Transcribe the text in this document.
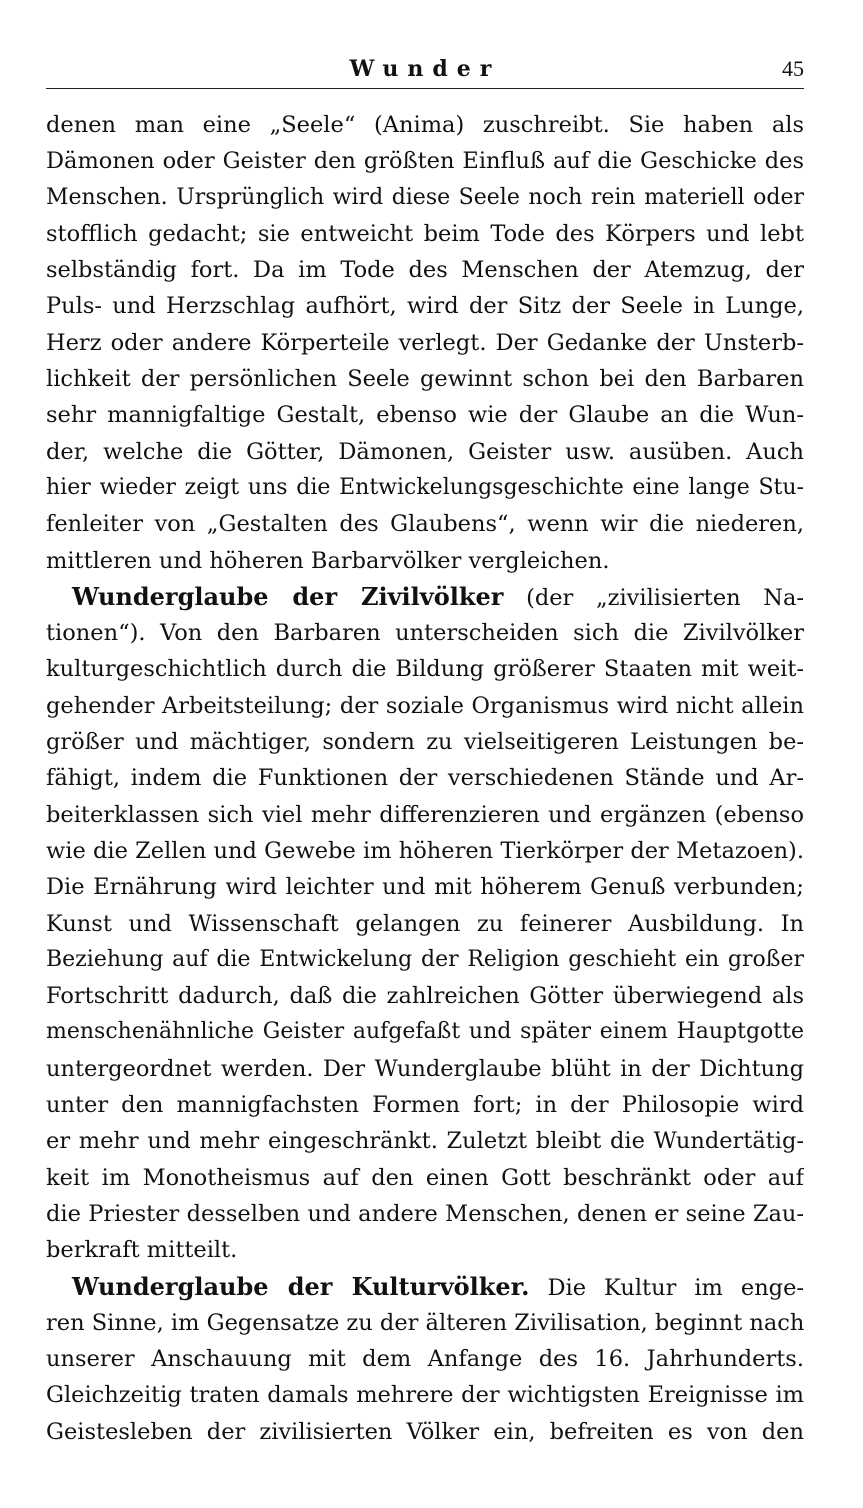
Wunder	45
denen man eine „Seele“ (Anima) zuschreibt. Sie haben als
Dämonen oder Geister den größten Einfluß auf die Geschicke des
Menschen. Ursprünglich wird diese Seele noch rein materiell oder
stofflich gedacht; sie entweicht beim Tode des Körpers und lebt
selbständig fort. Da im Tode des Menschen der Atemzug, der
Puls- und Herzschlag aufhört, wird der Sitz der Seele in Lunge,
Herz oder andere Körperteile verlegt. Der Gedanke der Unsterb-
lichkeit der persönlichen Seele gewinnt schon bei den Barbaren
sehr mannigfaltige Gestalt, ebenso wie der Glaube an die Wun-
der, welche die Götter, Dämonen, Geister usw. ausüben. Auch
hier wieder zeigt uns die Entwickelungsgeschichte eine lange Stu-
fenleiter von „Gestalten des Glaubens“, wenn wir die niederen,
mittleren und höheren Barbarvölker vergleichen.
Wunderglaube der Zivilvölker (der „zivilisierten Na-
tionen“). Von den Barbaren unterscheiden sich die Zivilvölker
kulturgeschichtlich durch die Bildung größerer Staaten mit weit-
gehender Arbeitsteilung; der soziale Organismus wird nicht allein
größer und mächtiger, sondern zu vielseitigeren Leistungen be-
fähigt, indem die Funktionen der verschiedenen Stände und Ar-
beiterklassen sich viel mehr differenzieren und ergänzen (ebenso
wie die Zellen und Gewebe im höheren Tierkörper der Metazoen).
Die Ernährung wird leichter und mit höherem Genuß verbunden;
Kunst und Wissenschaft gelangen zu feinerer Ausbildung. In
Beziehung auf die Entwickelung der Religion geschieht ein großer
Fortschritt dadurch, daß die zahlreichen Götter überwiegend als
menschenähnliche Geister aufgefaßt und später einem Hauptgotte
untergeordnet werden. Der Wunderglaube blüht in der Dichtung
unter den mannigfachsten Formen fort; in der Philosopie wird
er mehr und mehr eingeschränkt. Zuletzt bleibt die Wundertätig-
keit im Monotheismus auf den einen Gott beschränkt oder auf
die Priester desselben und andere Menschen, denen er seine Zau-
berkraft mitteilt.
Wunderglaube der Kulturvölker. Die Kultur im enge-
ren Sinne, im Gegensatze zu der älteren Zivilisation, beginnt nach
unserer Anschauung mit dem Anfange des 16. Jahrhunderts.
Gleichzeitig traten damals mehrere der wichtigsten Ereignisse im
Geistesleben der zivilisierten Völker ein, befreiten es von den
